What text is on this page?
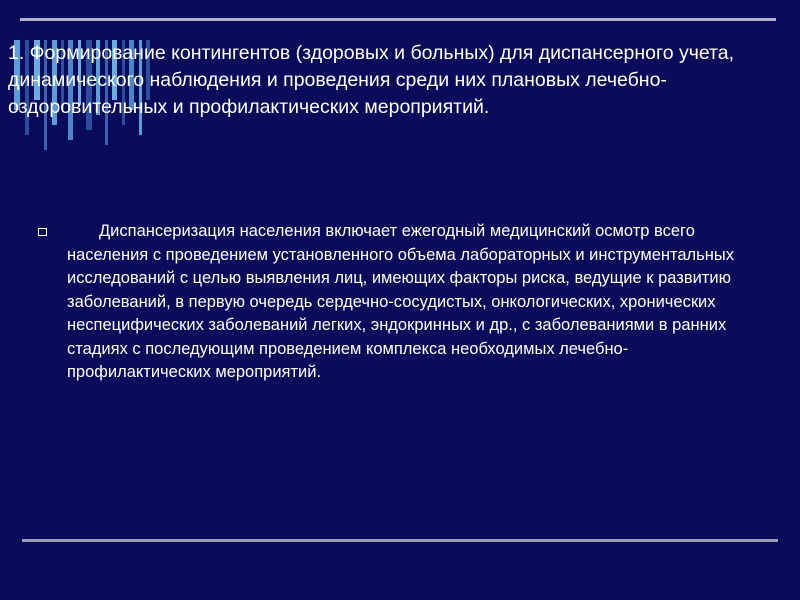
1. Формирование контингентов (здоровых и больных) для диспансерного учета, динамического наблюдения и проведения среди них плановых лечебно-оздоровительных и профилактических мероприятий.
Диспансеризация населения включает ежегодный медицинский осмотр всего населения с проведением установленного объема лабораторных и инструментальных исследований с целью выявления лиц, имеющих факторы риска, ведущие к развитию заболеваний, в первую очередь сердечно-сосудистых, онкологических, хронических неспецифических заболеваний легких, эндокринных и др., с заболеваниями в ранних стадиях с последующим проведением комплекса необходимых лечебно-профилактических мероприятий.
